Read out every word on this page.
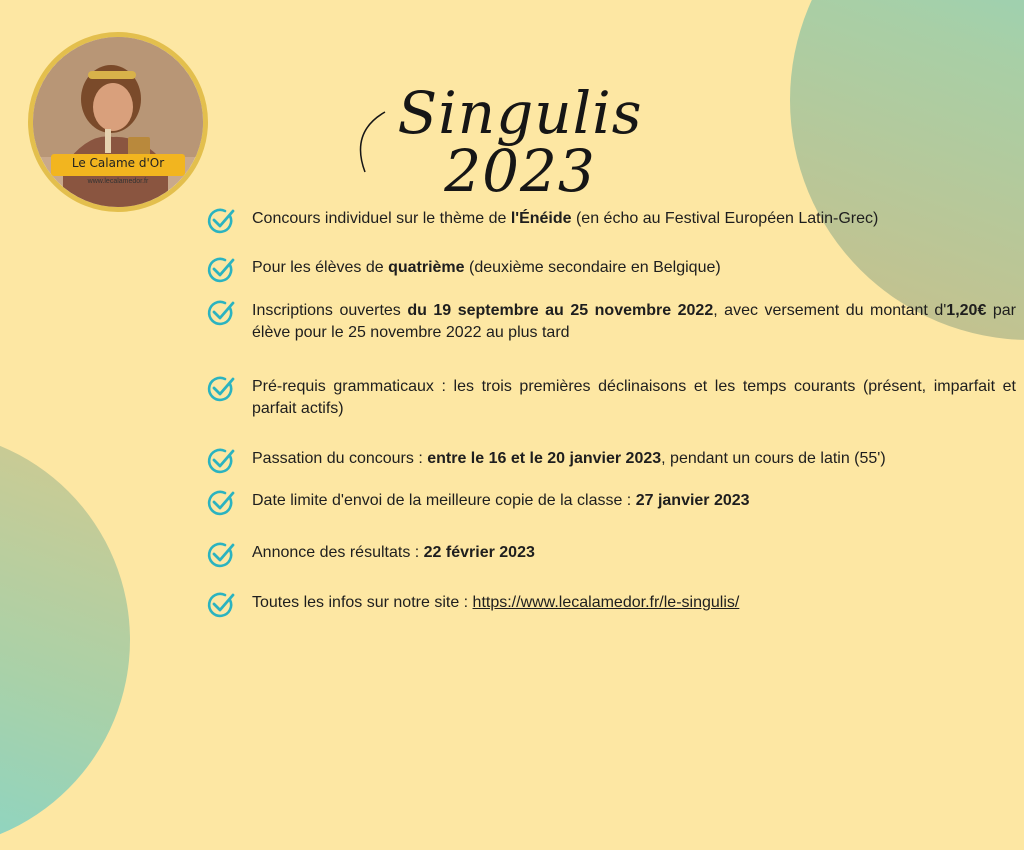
Le Calame d'Or
www.lecalamedor.fr
Singulis 2023
Concours individuel sur le thème de l'Énéide (en écho au Festival Européen Latin-Grec)
Pour les élèves de quatrième (deuxième secondaire en Belgique)
Inscriptions ouvertes du 19 septembre au 25 novembre 2022, avec versement du montant d'1,20€ par élève pour le 25 novembre 2022 au plus tard
Pré-requis grammaticaux : les trois premières déclinaisons et les temps courants (présent, imparfait et parfait actifs)
Passation du concours : entre le 16 et le 20 janvier 2023, pendant un cours de latin (55')
Date limite d'envoi de la meilleure copie de la classe : 27 janvier 2023
Annonce des résultats : 22 février 2023
Toutes les infos sur notre site : https://www.lecalamedor.fr/le-singulis/
